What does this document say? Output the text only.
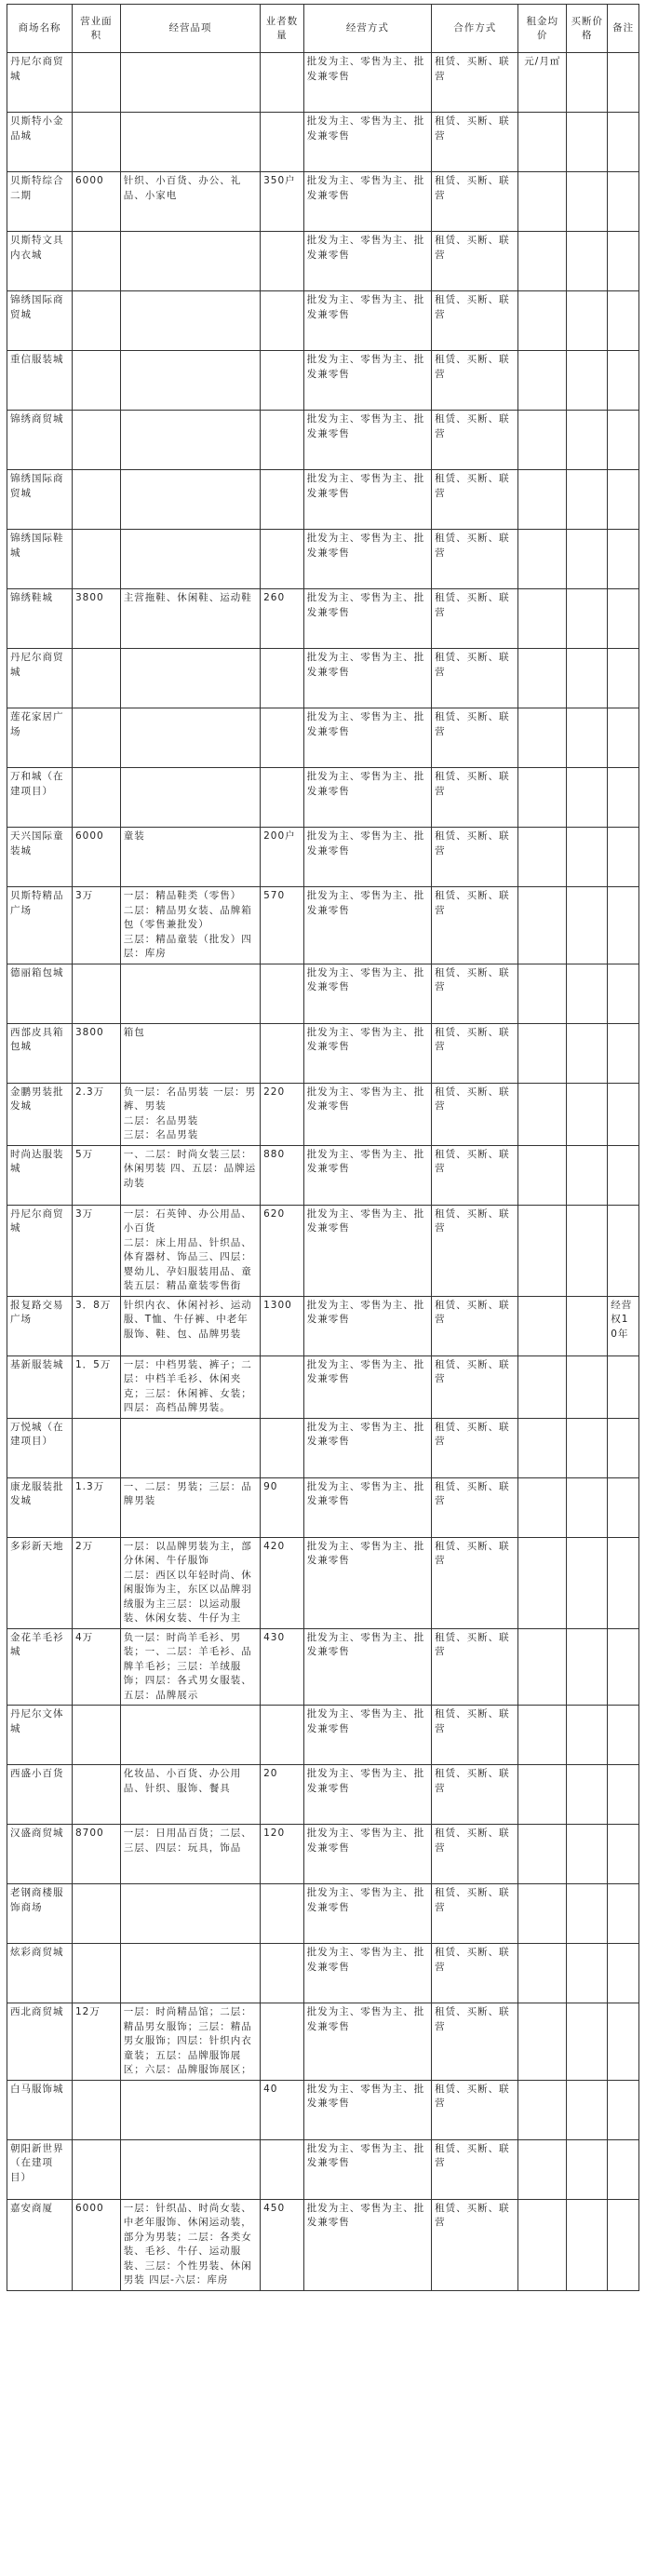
商场名称	营业面积	经营品项	业者数量	经营方式	合作方式	租金均价	买断价格	备注
丹尼尔商贸城				批发为主、零售为主、批发兼零售	租赁、买断、联营	元/月㎡		
贝斯特小金品城				批发为主、零售为主、批发兼零售	租赁、买断、联营			
贝斯特综合二期	6000	针织、小百货、办公、礼品、小家电	350户	批发为主、零售为主、批发兼零售	租赁、买断、联营			
贝斯特文具内衣城				批发为主、零售为主、批发兼零售	租赁、买断、联营			
锦绣国际商贸城				批发为主、零售为主、批发兼零售	租赁、买断、联营			
重信服装城				批发为主、零售为主、批发兼零售	租赁、买断、联营			
锦绣商贸城				批发为主、零售为主、批发兼零售	租赁、买断、联营			
锦绣国际商贸城				批发为主、零售为主、批发兼零售	租赁、买断、联营			
锦绣国际鞋城				批发为主、零售为主、批发兼零售	租赁、买断、联营			
锦绣鞋城	3800	主营拖鞋、休闲鞋、运动鞋	260	批发为主、零售为主、批发兼零售	租赁、买断、联营			
丹尼尔商贸城				批发为主、零售为主、批发兼零售	租赁、买断、联营			
莲花家居广场				批发为主、零售为主、批发兼零售	租赁、买断、联营			
万和城（在建项目）				批发为主、零售为主、批发兼零售	租赁、买断、联营			
天兴国际童装城	6000	童装	200户	批发为主、零售为主、批发兼零售	租赁、买断、联营			
贝斯特精品广场	3万	一层：精品鞋类（零售）
二层：精品男女装、品牌箱包（零售兼批发）
三层：精品童装（批发）四层：库房	570	批发为主、零售为主、批发兼零售	租赁、买断、联营			
德丽箱包城				批发为主、零售为主、批发兼零售	租赁、买断、联营			
西部皮具箱包城	3800	箱包		批发为主、零售为主、批发兼零售	租赁、买断、联营			
金鹏男装批发城	2.3万	负一层：名品男装 一层：男裤、男装
二层：名品男装
三层：名品男装	220	批发为主、零售为主、批发兼零售	租赁、买断、联营			
时尚达服装城	5万	一、二层：时尚女装三层：休闲男装 四、五层：品牌运动装	880	批发为主、零售为主、批发兼零售	租赁、买断、联营			
丹尼尔商贸城	3万	一层：石英钟、办公用品、小百货
二层：床上用品、针织品、体育器材、饰品三、四层：婴幼儿、孕妇服装用品、童装五层：精品童装零售街	620	批发为主、零售为主、批发兼零售	租赁、买断、联营			
报复路交易广场	3．8万	针织内衣、休闲衬衫、运动服、T恤、牛仔裤、中老年服饰、鞋、包、品牌男装	1300	批发为主、零售为主、批发兼零售	租赁、买断、联营			经营权10年
基新服装城	1．5万	一层：中档男装、裤子；二层：中档羊毛衫、休闲夹克；三层：休闲裤、女装；四层：高档品牌男装。		批发为主、零售为主、批发兼零售	租赁、买断、联营			
万悦城（在建项目）				批发为主、零售为主、批发兼零售	租赁、买断、联营			
康龙服装批发城	1.3万	一、二层：男装；三层：品牌男装	90	批发为主、零售为主、批发兼零售	租赁、买断、联营			
多彩新天地	2万	一层：以品牌男装为主，部分休闲、牛仔服饰
二层：西区以年轻时尚、休闲服饰为主，东区以品牌羽绒服为主三层：以运动服装、休闲女装、牛仔为主	420	批发为主、零售为主、批发兼零售	租赁、买断、联营			
金花羊毛衫城	4万	负一层：时尚羊毛衫、男装；一、二层：羊毛衫、品牌羊毛衫；三层：羊绒服饰；四层：各式男女服装、五层：品牌展示	430	批发为主、零售为主、批发兼零售	租赁、买断、联营			
丹尼尔文体城				批发为主、零售为主、批发兼零售	租赁、买断、联营			
西盛小百货		化妆品、小百货、办公用品、针织、服饰、餐具	20	批发为主、零售为主、批发兼零售	租赁、买断、联营			
汉盛商贸城	8700	一层：日用品百货；二层、三层、四层：玩具，饰品	120	批发为主、零售为主、批发兼零售	租赁、买断、联营			
老钢商楼服饰商场				批发为主、零售为主、批发兼零售	租赁、买断、联营			
炫彩商贸城				批发为主、零售为主、批发兼零售	租赁、买断、联营			
西北商贸城	12万	一层：时尚精品馆；二层：精品男女服饰；三层：精品男女服饰；四层：针织内衣童装；五层：品牌服饰展区；六层：品牌服饰展区；		批发为主、零售为主、批发兼零售	租赁、买断、联营			
白马服饰城			40	批发为主、零售为主、批发兼零售	租赁、买断、联营			
朝阳新世界（在建项目）				批发为主、零售为主、批发兼零售	租赁、买断、联营			
嘉安商厦	6000	一层：针织品、时尚女装、中老年服饰、休闲运动装，部分为男装；二层：各类女装、毛衫、牛仔、运动服装、三层：个性男装、休闲男装 四层-六层：库房	450	批发为主、零售为主、批发兼零售	租赁、买断、联营			
